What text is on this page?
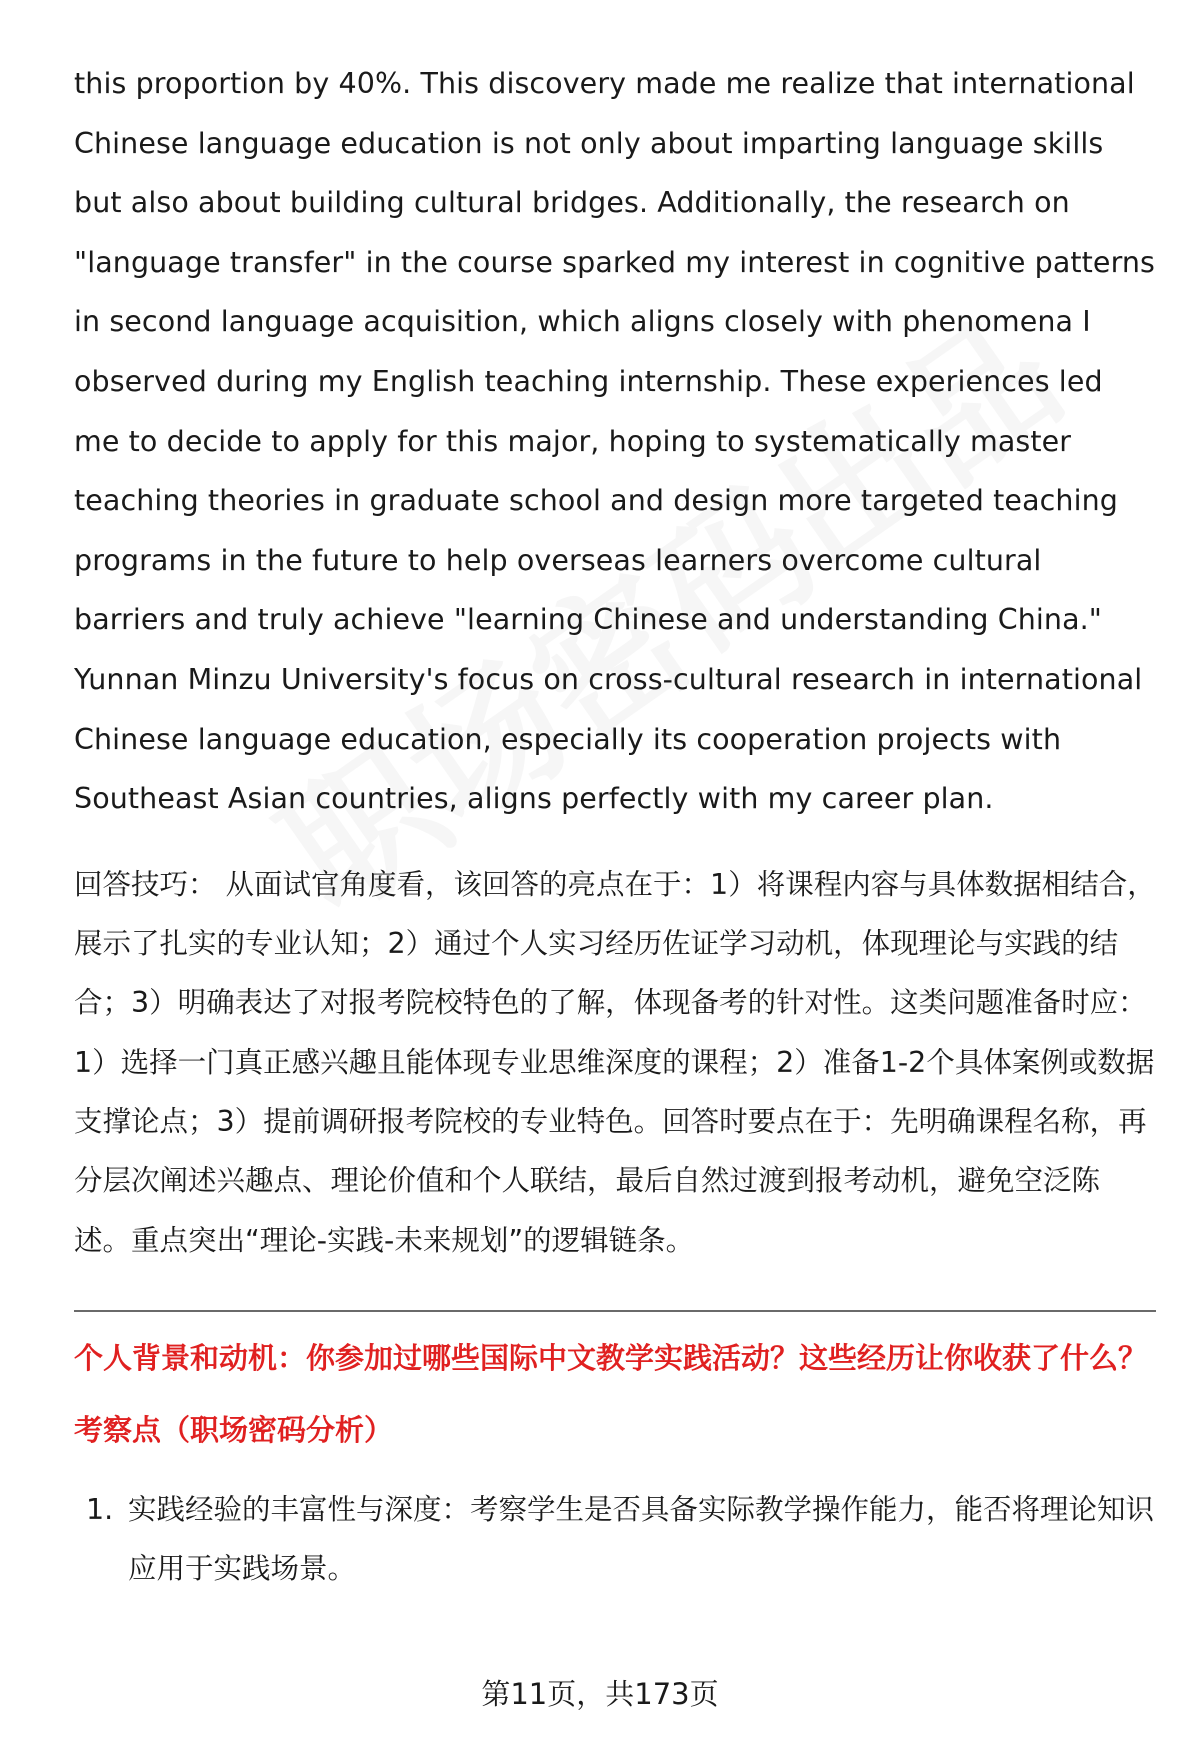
this proportion by 40%. This discovery made me realize that international Chinese language education is not only about imparting language skills but also about building cultural bridges. Additionally, the research on "language transfer" in the course sparked my interest in cognitive patterns in second language acquisition, which aligns closely with phenomena I observed during my English teaching internship. These experiences led me to decide to apply for this major, hoping to systematically master teaching theories in graduate school and design more targeted teaching programs in the future to help overseas learners overcome cultural barriers and truly achieve "learning Chinese and understanding China." Yunnan Minzu University's focus on cross-cultural research in international Chinese language education, especially its cooperation projects with Southeast Asian countries, aligns perfectly with my career plan.

回答技巧： 从面试官角度看，该回答的亮点在于：1）将课程内容与具体数据相结合，展示了扎实的专业认知；2）通过个人实习经历佐证学习动机，体现理论与实践的结合；3）明确表达了对报考院校特色的了解，体现备考的针对性。这类问题准备时应：1）选择一门真正感兴趣且能体现专业思维深度的课程；2）准备1-2个具体案例或数据支撑论点；3）提前调研报考院校的专业特色。回答时要点在于：先明确课程名称，再分层次阐述兴趣点、理论价值和个人联结，最后自然过渡到报考动机，避免空泛陈述。重点突出“理论-实践-未来规划”的逻辑链条。

个人背景和动机：你参加过哪些国际中文教学实践活动？这些经历让你收获了什么？
考察点（职场密码分析）
1. 实践经验的丰富性与深度：考察学生是否具备实际教学操作能力，能否将理论知识应用于实践场景。
第11页，共173页
